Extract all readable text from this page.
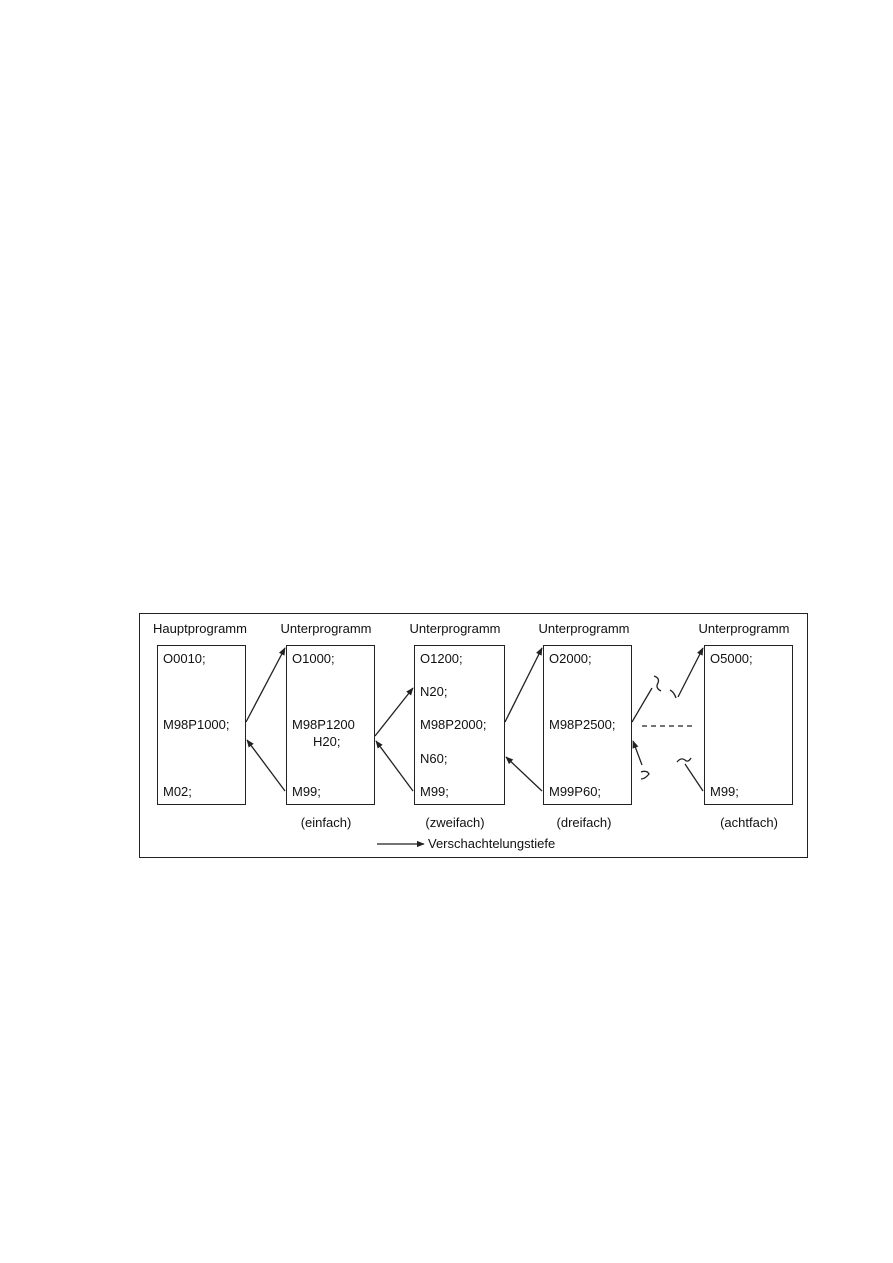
Hauptprogramm	Unterprogramm	Unterprogramm	Unterprogramm	Unterprogramm
O0010;
M98P1000;
M02;
O1000;
M98P1200
H20;
M99;
(einfach)
O1200;
N20;
M98P2000;
N60;
M99;
(zweifach)
O2000;
M98P2500;
M99P60;
(dreifach)
O5000;
M99;
(achtfach)
Verschachtelungstiefe
